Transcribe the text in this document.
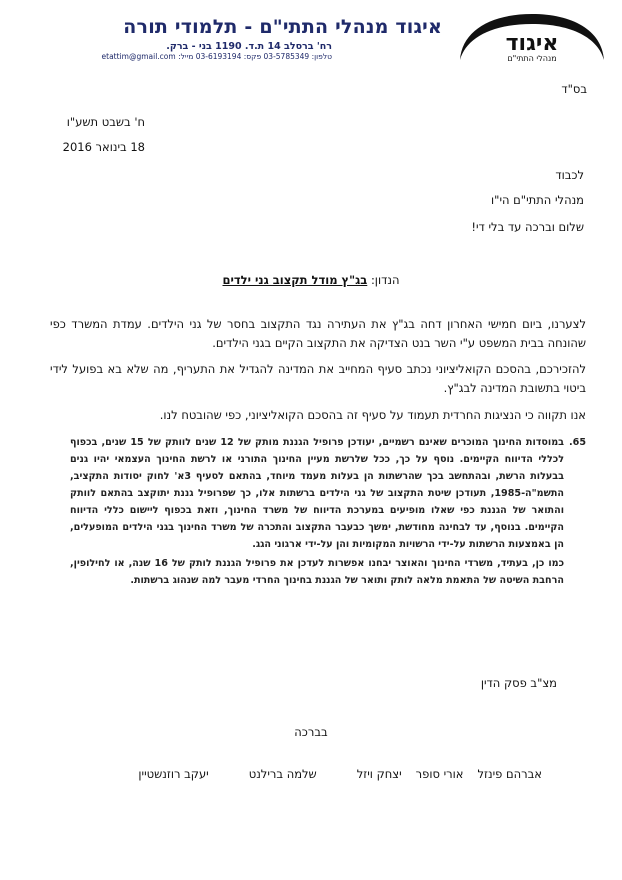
איגוד
מנהלי התתי"ם
איגוד מנהלי התתי"ם - תלמודי תורה
רח' ברסלב 14 ת.ד. 1190 בני - ברק.
טלפון: 03-5785349 פקס: 03-6193194 מייל: etattim@gmail.com
בס"ד
ח' בשבט תשע"ו
18 בינואר 2016
לכבוד
מנהלי התתי"ם הי"ו
שלום וברכה עד בלי די!
הנדון: בג"ץ מודל תקצוב גני ילדים
לצערנו, ביום חמישי האחרון דחה בג"ץ את העתירה נגד התקצוב בחסר של גני הילדים. עמדת המשרד כפי שהונחה בבית המשפט ע"י השר בנט הצדיקה את התקצוב הקיים בגני הילדים.
להזכירכם, בהסכם הקואליציוני נכתב סעיף המחייב את המדינה להגדיל את התעריף, מה שלא בא בפועל לידי ביטוי בתשובת המדינה לבג"ץ.
אנו תקווה כי הנציגות החרדית תעמוד על סעיף זה בהסכם הקואליציוני, כפי שהובטח לנו.
65.

במוסדות החינוך המוכרים שאינם רשמיים, יעודכן פרופיל הגננת מותק של 12 שנים לוותק של 15 שנים, בכפוף לכללי הדיווח הקיימים. נוסף על כך, ככל שלרשת מעיין החינוך התורני או לרשת החינוך העצמאי יהיו גנים בבעלות הרשת, ובהתחשב בכך שהרשתות הן בעלות מעמד מיוחד, בהתאם לסעיף 3א' לחוק יסודות התקציב, התשמ"ה-1985, תעודכן שיטת התקצוב של גני הילדים ברשתות אלו, כך שפרופיל גננת יתוקצב בהתאם לוותק והתואר של הגננת כפי שאלו מופיעים במערכת הדיווח של משרד החינוך, וזאת בכפוף ליישום כללי הדיווח הקיימים. בנוסף, עד לבחינה מחודשת, ימשך כבעבר התקצוב והתכרה של משרד החינוך בגני הילדים המופעלים, הן באמצעות הרשתות על-ידי הרשויות המקומיות והן על-ידי ארגוני הגג.

כמו כן, בעתיד, משרדי החינוך והאוצר יבחנו אפשרות לעדכן את פרופיל הגננת לותק של 16 שנה, או לחילופין, הרחבת השיטה של התאמת מלאה לותק ותואר של הגננת בחינוך החרדי מעבר למה שנהוג ברשתות.

מצ"ב פסק הדין
בברכה
אברהם פינזל
אורי סופר
יצחק ויזל
שלמה ברילנט
יעקב רוזנשטיין
